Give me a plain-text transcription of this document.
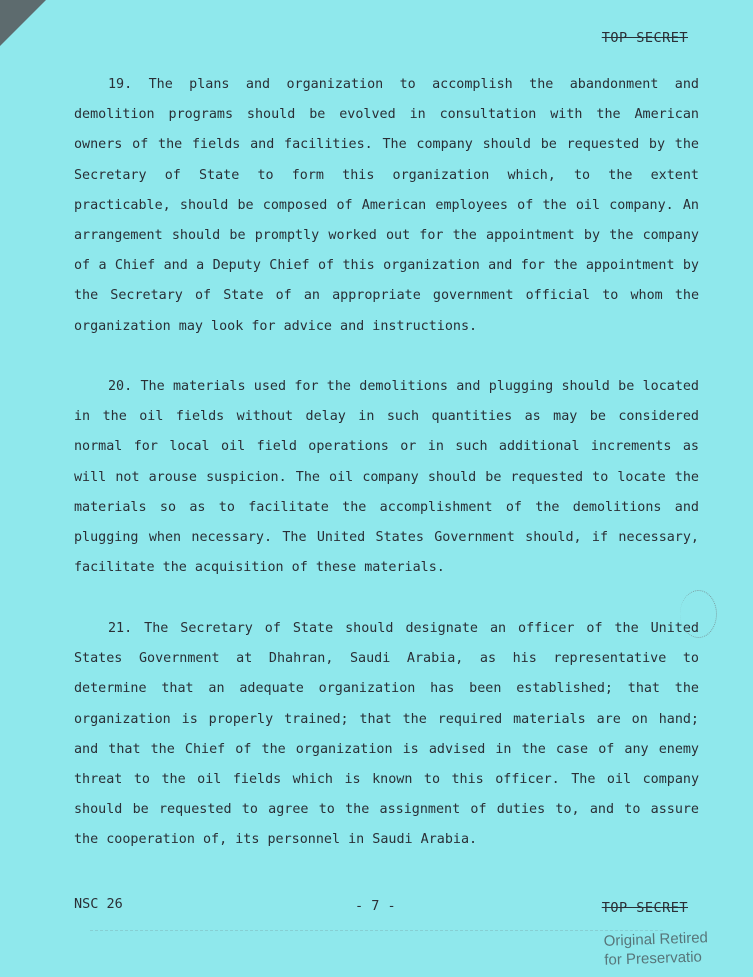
TOP SECRET

19. The plans and organization to accomplish the abandonment and demolition programs should be evolved in consultation with the American owners of the fields and facilities. The company should be requested by the Secretary of State to form this organization which, to the extent practicable, should be composed of American employees of the oil company. An arrangement should be promptly worked out for the appointment by the company of a Chief and a Deputy Chief of this organization and for the appointment by the Secretary of State of an appropriate government official to whom the organization may look for advice and instructions.

20. The materials used for the demolitions and plugging should be located in the oil fields without delay in such quantities as may be considered normal for local oil field operations or in such additional increments as will not arouse suspicion. The oil company should be requested to locate the materials so as to facilitate the accomplishment of the demolitions and plugging when necessary. The United States Government should, if necessary, facilitate the acquisition of these materials.

21. The Secretary of State should designate an officer of the United States Government at Dhahran, Saudi Arabia, as his representative to determine that an adequate organization has been established; that the organization is properly trained; that the required materials are on hand; and that the Chief of the organization is advised in the case of any enemy threat to the oil fields which is known to this officer. The oil company should be requested to agree to the assignment of duties to, and to assure the cooperation of, its personnel in Saudi Arabia.

NSC 26	- 7 -	TOP SECRET
Original Retired
for Preservatio
